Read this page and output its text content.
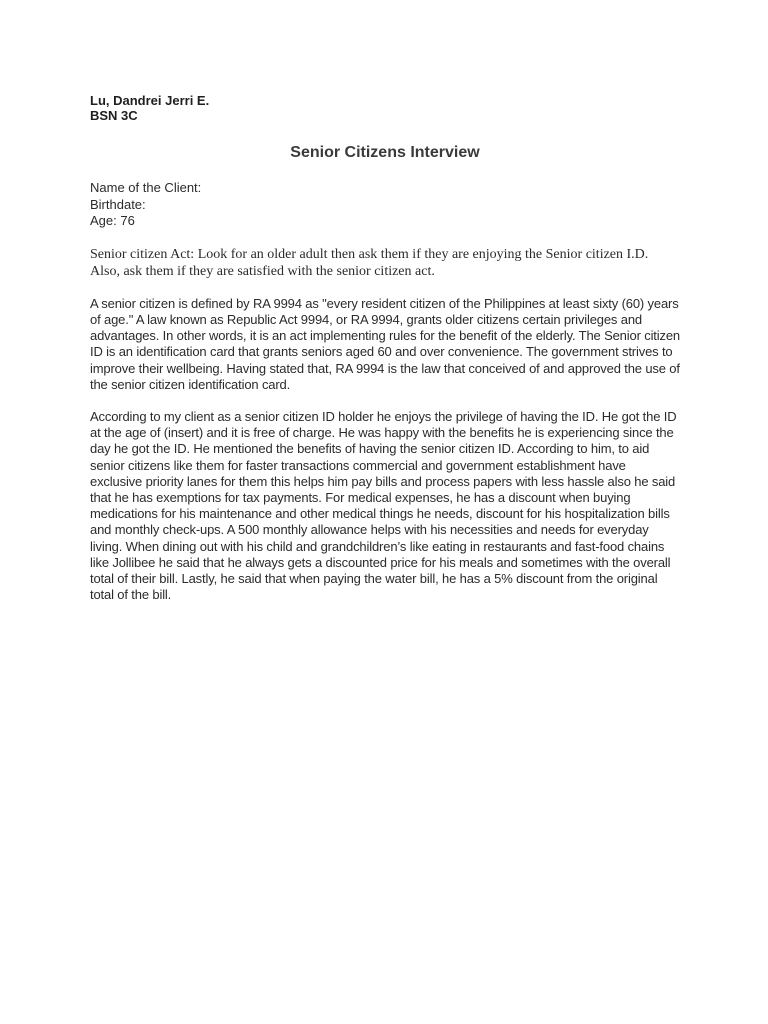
Lu, Dandrei Jerri E.
BSN 3C
Senior Citizens Interview
Name of the Client:
Birthdate:
Age: 76

Senior citizen Act: Look for an older adult then ask them if they are enjoying the Senior citizen I.D. Also, ask them if they are satisfied with the senior citizen act.

A senior citizen is defined by RA 9994 as "every resident citizen of the Philippines at least sixty (60) years of age." A law known as Republic Act 9994, or RA 9994, grants older citizens certain privileges and advantages. In other words, it is an act implementing rules for the benefit of the elderly. The Senior citizen ID is an identification card that grants seniors aged 60 and over convenience. The government strives to improve their wellbeing. Having stated that, RA 9994 is the law that conceived of and approved the use of the senior citizen identification card.

According to my client as a senior citizen ID holder he enjoys the privilege of having the ID. He got the ID at the age of (insert) and it is free of charge. He was happy with the benefits he is experiencing since the day he got the ID. He mentioned the benefits of having the senior citizen ID. According to him, to aid senior citizens like them for faster transactions commercial and government establishment have exclusive priority lanes for them this helps him pay bills and process papers with less hassle also he said that he has exemptions for tax payments. For medical expenses, he has a discount when buying medications for his maintenance and other medical things he needs, discount for his hospitalization bills and monthly check-ups. A 500 monthly allowance helps with his necessities and needs for everyday living. When dining out with his child and grandchildren’s like eating in restaurants and fast-food chains like Jollibee he said that he always gets a discounted price for his meals and sometimes with the overall total of their bill. Lastly, he said that when paying the water bill, he has a 5% discount from the original total of the bill.
